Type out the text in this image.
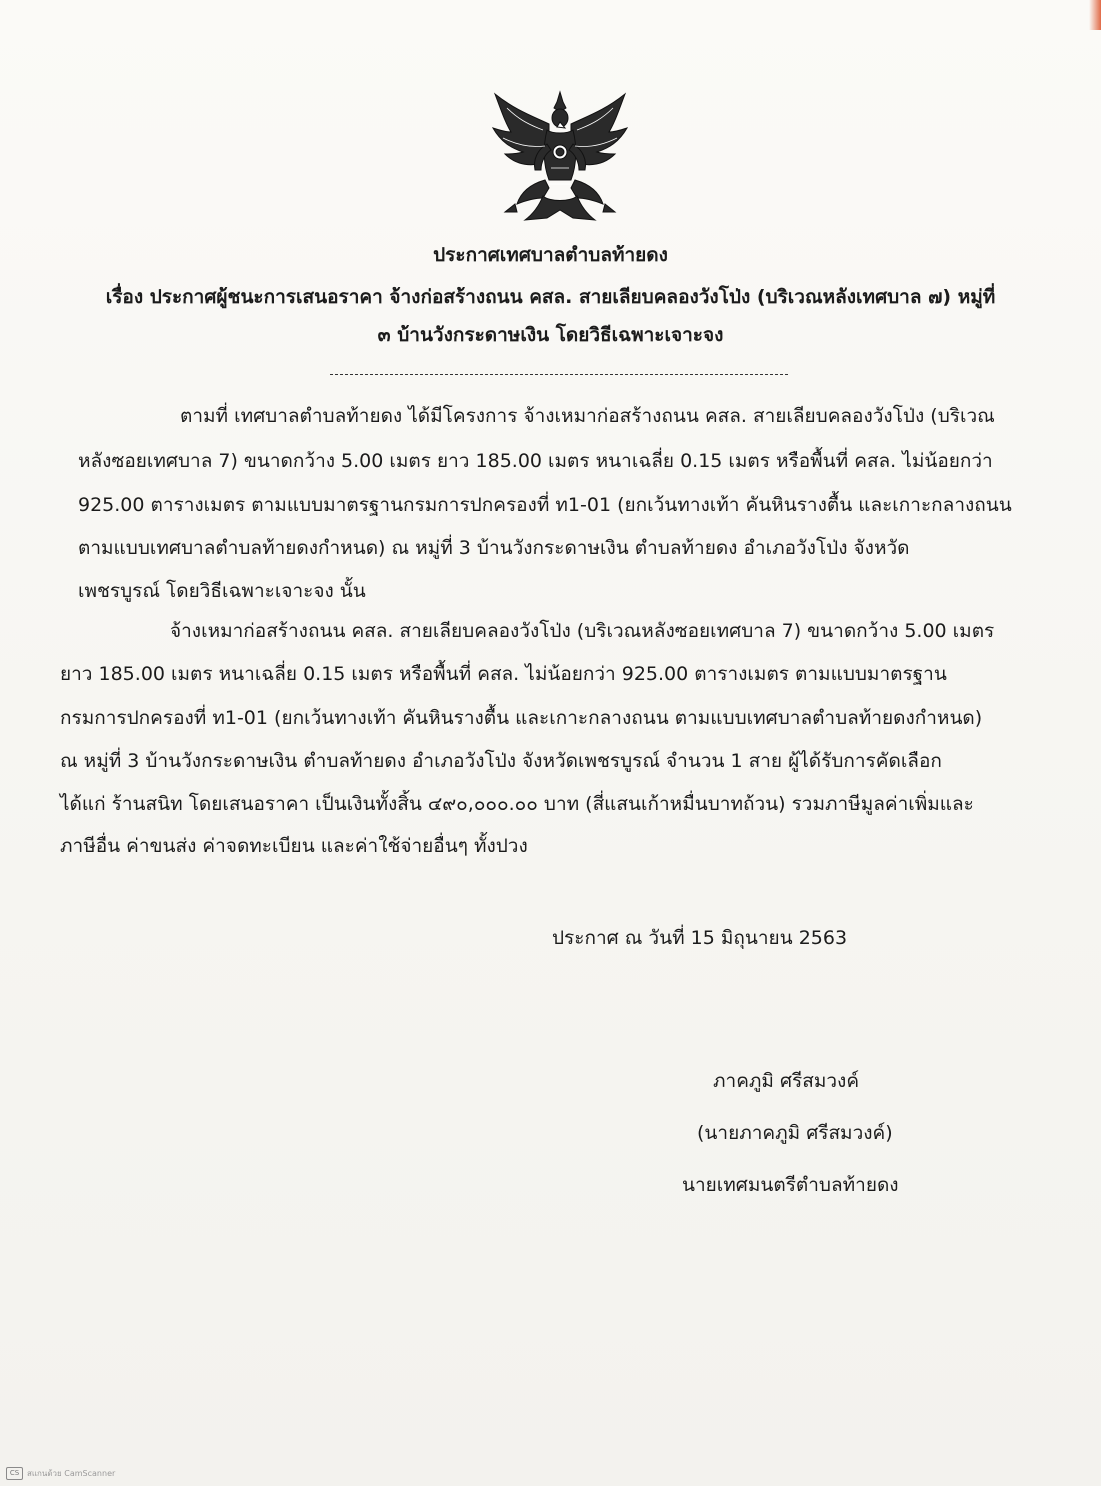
ประกาศเทศบาลตำบลท้ายดง
เรื่อง ประกาศผู้ชนะการเสนอราคา จ้างก่อสร้างถนน คสล. สายเลียบคลองวังโป่ง (บริเวณหลังเทศบาล ๗) หมู่ที่
๓ บ้านวังกระดาษเงิน โดยวิธีเฉพาะเจาะจง
ตามที่ เทศบาลตำบลท้ายดง ได้มีโครงการ จ้างเหมาก่อสร้างถนน คสล. สายเลียบคลองวังโป่ง (บริเวณ
หลังซอยเทศบาล 7) ขนาดกว้าง 5.00 เมตร ยาว 185.00 เมตร หนาเฉลี่ย 0.15 เมตร หรือพื้นที่ คสล. ไม่น้อยกว่า
925.00 ตารางเมตร ตามแบบมาตรฐานกรมการปกครองที่ ท1-01 (ยกเว้นทางเท้า คันหินรางตื้น และเกาะกลางถนน
ตามแบบเทศบาลตำบลท้ายดงกำหนด) ณ หมู่ที่ 3 บ้านวังกระดาษเงิน ตำบลท้ายดง อำเภอวังโป่ง จังหวัด
เพชรบูรณ์ โดยวิธีเฉพาะเจาะจง นั้น
จ้างเหมาก่อสร้างถนน คสล. สายเลียบคลองวังโป่ง (บริเวณหลังซอยเทศบาล 7) ขนาดกว้าง 5.00 เมตร
ยาว 185.00 เมตร หนาเฉลี่ย 0.15 เมตร หรือพื้นที่ คสล. ไม่น้อยกว่า 925.00 ตารางเมตร ตามแบบมาตรฐาน
กรมการปกครองที่ ท1-01 (ยกเว้นทางเท้า คันหินรางตื้น และเกาะกลางถนน ตามแบบเทศบาลตำบลท้ายดงกำหนด)
ณ หมู่ที่ 3 บ้านวังกระดาษเงิน ตำบลท้ายดง อำเภอวังโป่ง จังหวัดเพชรบูรณ์ จำนวน 1 สาย ผู้ได้รับการคัดเลือก
ได้แก่ ร้านสนิท โดยเสนอราคา เป็นเงินทั้งสิ้น ๔๙๐,๐๐๐.๐๐ บาท (สี่แสนเก้าหมื่นบาทถ้วน) รวมภาษีมูลค่าเพิ่มและ
ภาษีอื่น ค่าขนส่ง ค่าจดทะเบียน และค่าใช้จ่ายอื่นๆ ทั้งปวง
ประกาศ ณ วันที่ 15 มิถุนายน 2563
ภาคภูมิ ศรีสมวงค์
(นายภาคภูมิ ศรีสมวงค์)
นายเทศมนตรีตำบลท้ายดง
CS สแกนด้วย CamScanner
